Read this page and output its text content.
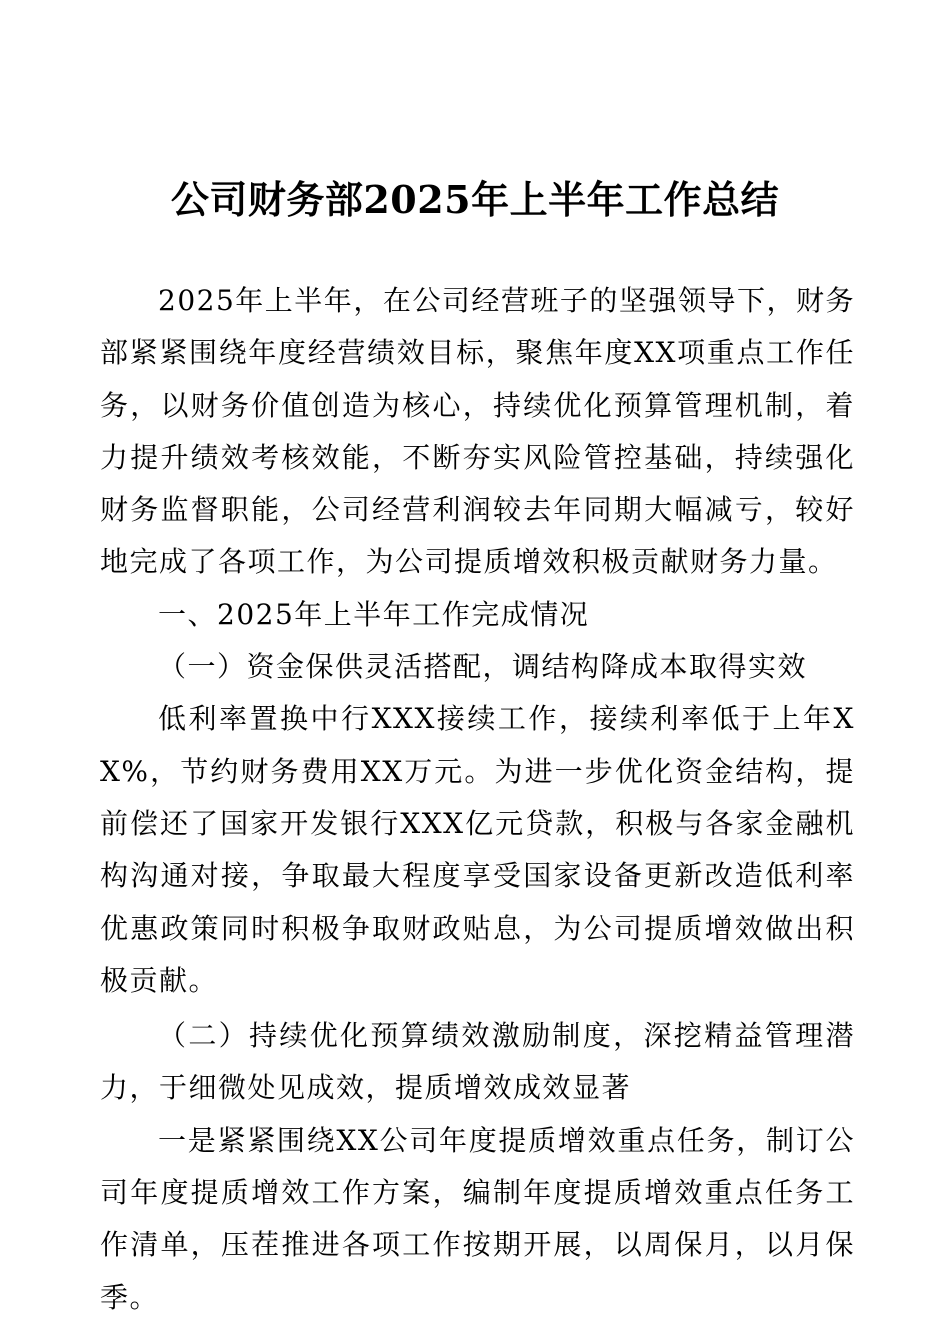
公司财务部2025年上半年工作总结

2025年上半年，在公司经营班子的坚强领导下，财务部紧紧围绕年度经营绩效目标，聚焦年度XX项重点工作任务，以财务价值创造为核心，持续优化预算管理机制，着力提升绩效考核效能，不断夯实风险管控基础，持续强化财务监督职能，公司经营利润较去年同期大幅减亏，较好地完成了各项工作，为公司提质增效积极贡献财务力量。

一、2025年上半年工作完成情况

（一）资金保供灵活搭配，调结构降成本取得实效

低利率置换中行XXX接续工作，接续利率低于上年XX%，节约财务费用XX万元。为进一步优化资金结构，提前偿还了国家开发银行XXX亿元贷款，积极与各家金融机构沟通对接，争取最大程度享受国家设备更新改造低利率优惠政策同时积极争取财政贴息，为公司提质增效做出积极贡献。

（二）持续优化预算绩效激励制度，深挖精益管理潜力，于细微处见成效，提质增效成效显著

一是紧紧围绕XX公司年度提质增效重点任务，制订公司年度提质增效工作方案，编制年度提质增效重点任务工作清单，压茬推进各项工作按期开展，以周保月，以月保季。
